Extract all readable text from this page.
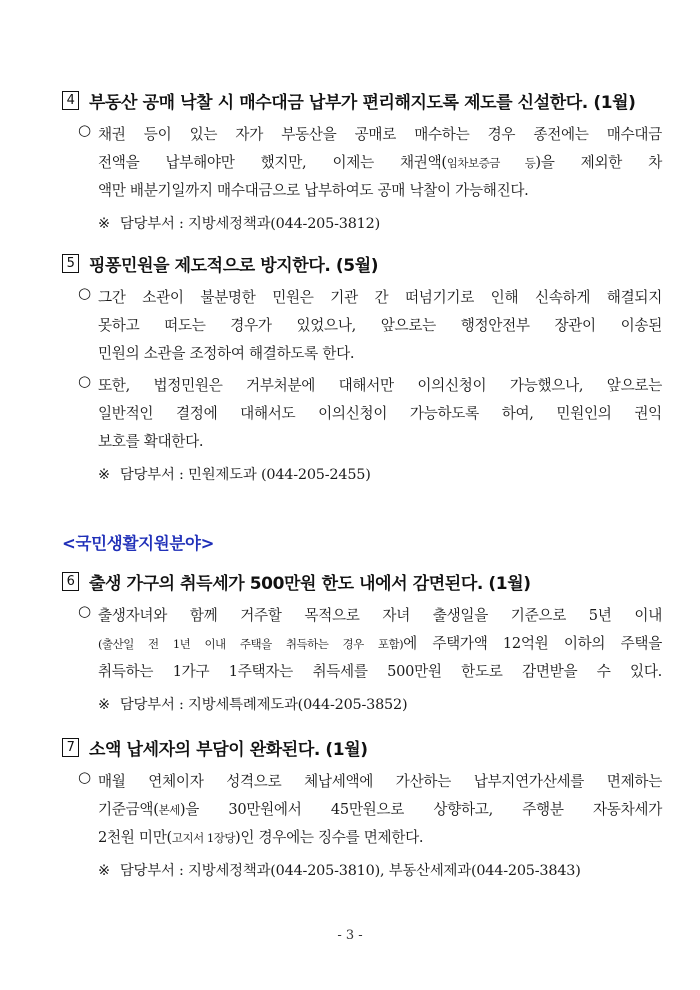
4 부동산 공매 낙찰 시 매수대금 납부가 편리해지도록 제도를 신설한다. (1월)
○ 채권 등이 있는 자가 부동산을 공매로 매수하는 경우 종전에는 매수대금
전액을 납부해야만 했지만, 이제는 채권액(임차보증금 등)을 제외한 차
액만 배분기일까지 매수대금으로 납부하여도 공매 낙찰이 가능해진다.
※ 담당부서 : 지방세정책과(044-205-3812)
5 핑퐁민원을 제도적으로 방지한다. (5월)
○ 그간 소관이 불분명한 민원은 기관 간 떠넘기기로 인해 신속하게 해결되지
못하고 떠도는 경우가 있었으나, 앞으로는 행정안전부 장관이 이송된
민원의 소관을 조정하여 해결하도록 한다.
○ 또한, 법정민원은 거부처분에 대해서만 이의신청이 가능했으나, 앞으로는
일반적인 결정에 대해서도 이의신청이 가능하도록 하여, 민원인의 권익
보호를 확대한다.
※ 담당부서 : 민원제도과 (044-205-2455)
<국민생활지원분야>
6 출생 가구의 취득세가 500만원 한도 내에서 감면된다. (1월)
○ 출생자녀와 함께 거주할 목적으로 자녀 출생일을 기준으로 5년 이내
(출산일 전 1년 이내 주택을 취득하는 경우 포함)에 주택가액 12억원 이하의 주택을
취득하는 1가구 1주택자는 취득세를 500만원 한도로 감면받을 수 있다.
※ 담당부서 : 지방세특례제도과(044-205-3852)
7 소액 납세자의 부담이 완화된다. (1월)
○ 매월 연체이자 성격으로 체납세액에 가산하는 납부지연가산세를 면제하는
기준금액(본세)을 30만원에서 45만원으로 상향하고, 주행분 자동차세가
2천원 미만(고지서 1장당)인 경우에는 징수를 면제한다.
※ 담당부서 : 지방세정책과(044-205-3810), 부동산세제과(044-205-3843)
- 3 -
